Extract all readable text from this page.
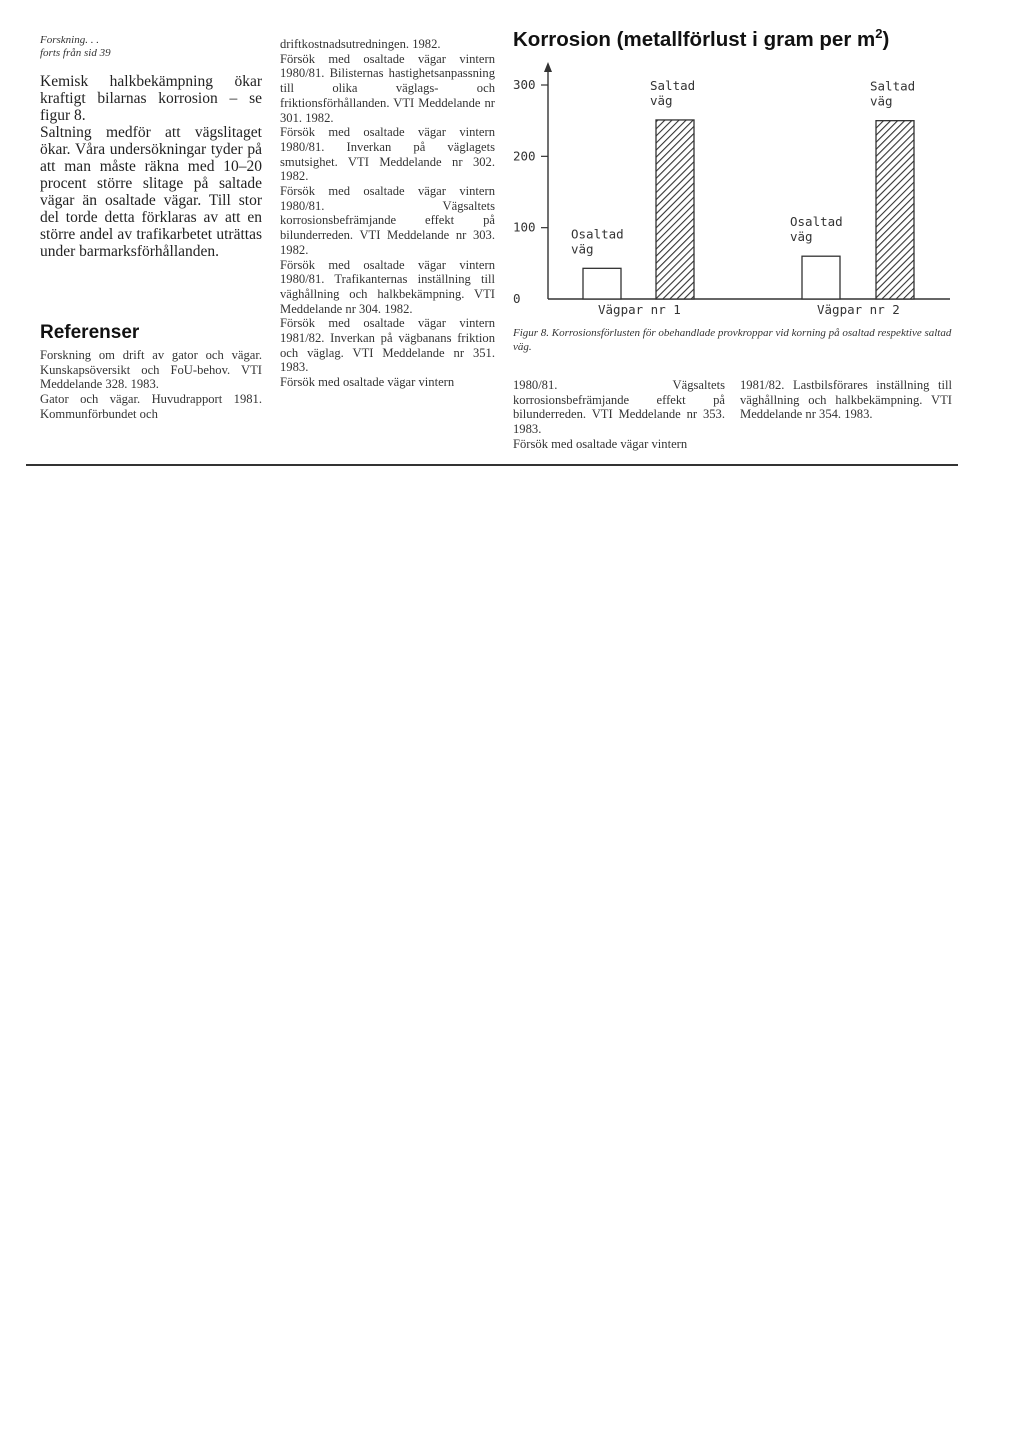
Forskning. . .
forts från sid 39

Kemisk halkbekämpning ökar kraftigt bilarnas korrosion – se figur 8.

Saltning medför att vägslitaget ökar. Våra undersökningar tyder på att man måste räkna med 10–20 procent större slitage på saltade vägar än osaltade vägar. Till stor del torde detta förklaras av att en större andel av trafikarbetet uträttas under barmarksförhållanden.

Referenser

Forskning om drift av gator och vägar. Kunskapsöversikt och FoU-behov. VTI Meddelande 328. 1983.

Gator och vägar. Huvudrapport 1981. Kommunförbundet och

driftkostnadsutredningen. 1982.

Försök med osaltade vägar vintern 1980/81. Bilisternas hastighetsanpassning till olika väglags- och friktionsförhållanden. VTI Meddelande nr 301. 1982.

Försök med osaltade vägar vintern 1980/81. Inverkan på väglagets smutsighet. VTI Meddelande nr 302. 1982.

Försök med osaltade vägar vintern 1980/81. Vägsaltets korrosionsbefrämjande effekt på bilunderreden. VTI Meddelande nr 303. 1982.

Försök med osaltade vägar vintern 1980/81. Trafikanternas inställning till väghållning och halkbekämpning. VTI Meddelande nr 304. 1982.

Försök med osaltade vägar vintern 1981/82. Inverkan på vägbanans friktion och väglag. VTI Meddelande nr 351. 1983.

Försök med osaltade vägar vintern

Korrosion (metallförlust i gram per $m^2$)
0
100
200
300
Osaltad
väg
Saltad
väg
Vägpar nr 1
Osaltad
väg
Saltad
väg
Vägpar nr 2

Figur 8. Korrosionsförlusten för obehandlade provkroppar vid korning på osaltad respektive saltad väg.

1980/81. Vägsaltets korrosionsbefrämjande effekt på bilunderreden. VTI Meddelande nr 353. 1983.

Försök med osaltade vägar vintern

1981/82. Lastbilsförares inställning till väghållning och halkbekämpning. VTI Meddelande nr 354. 1983.
